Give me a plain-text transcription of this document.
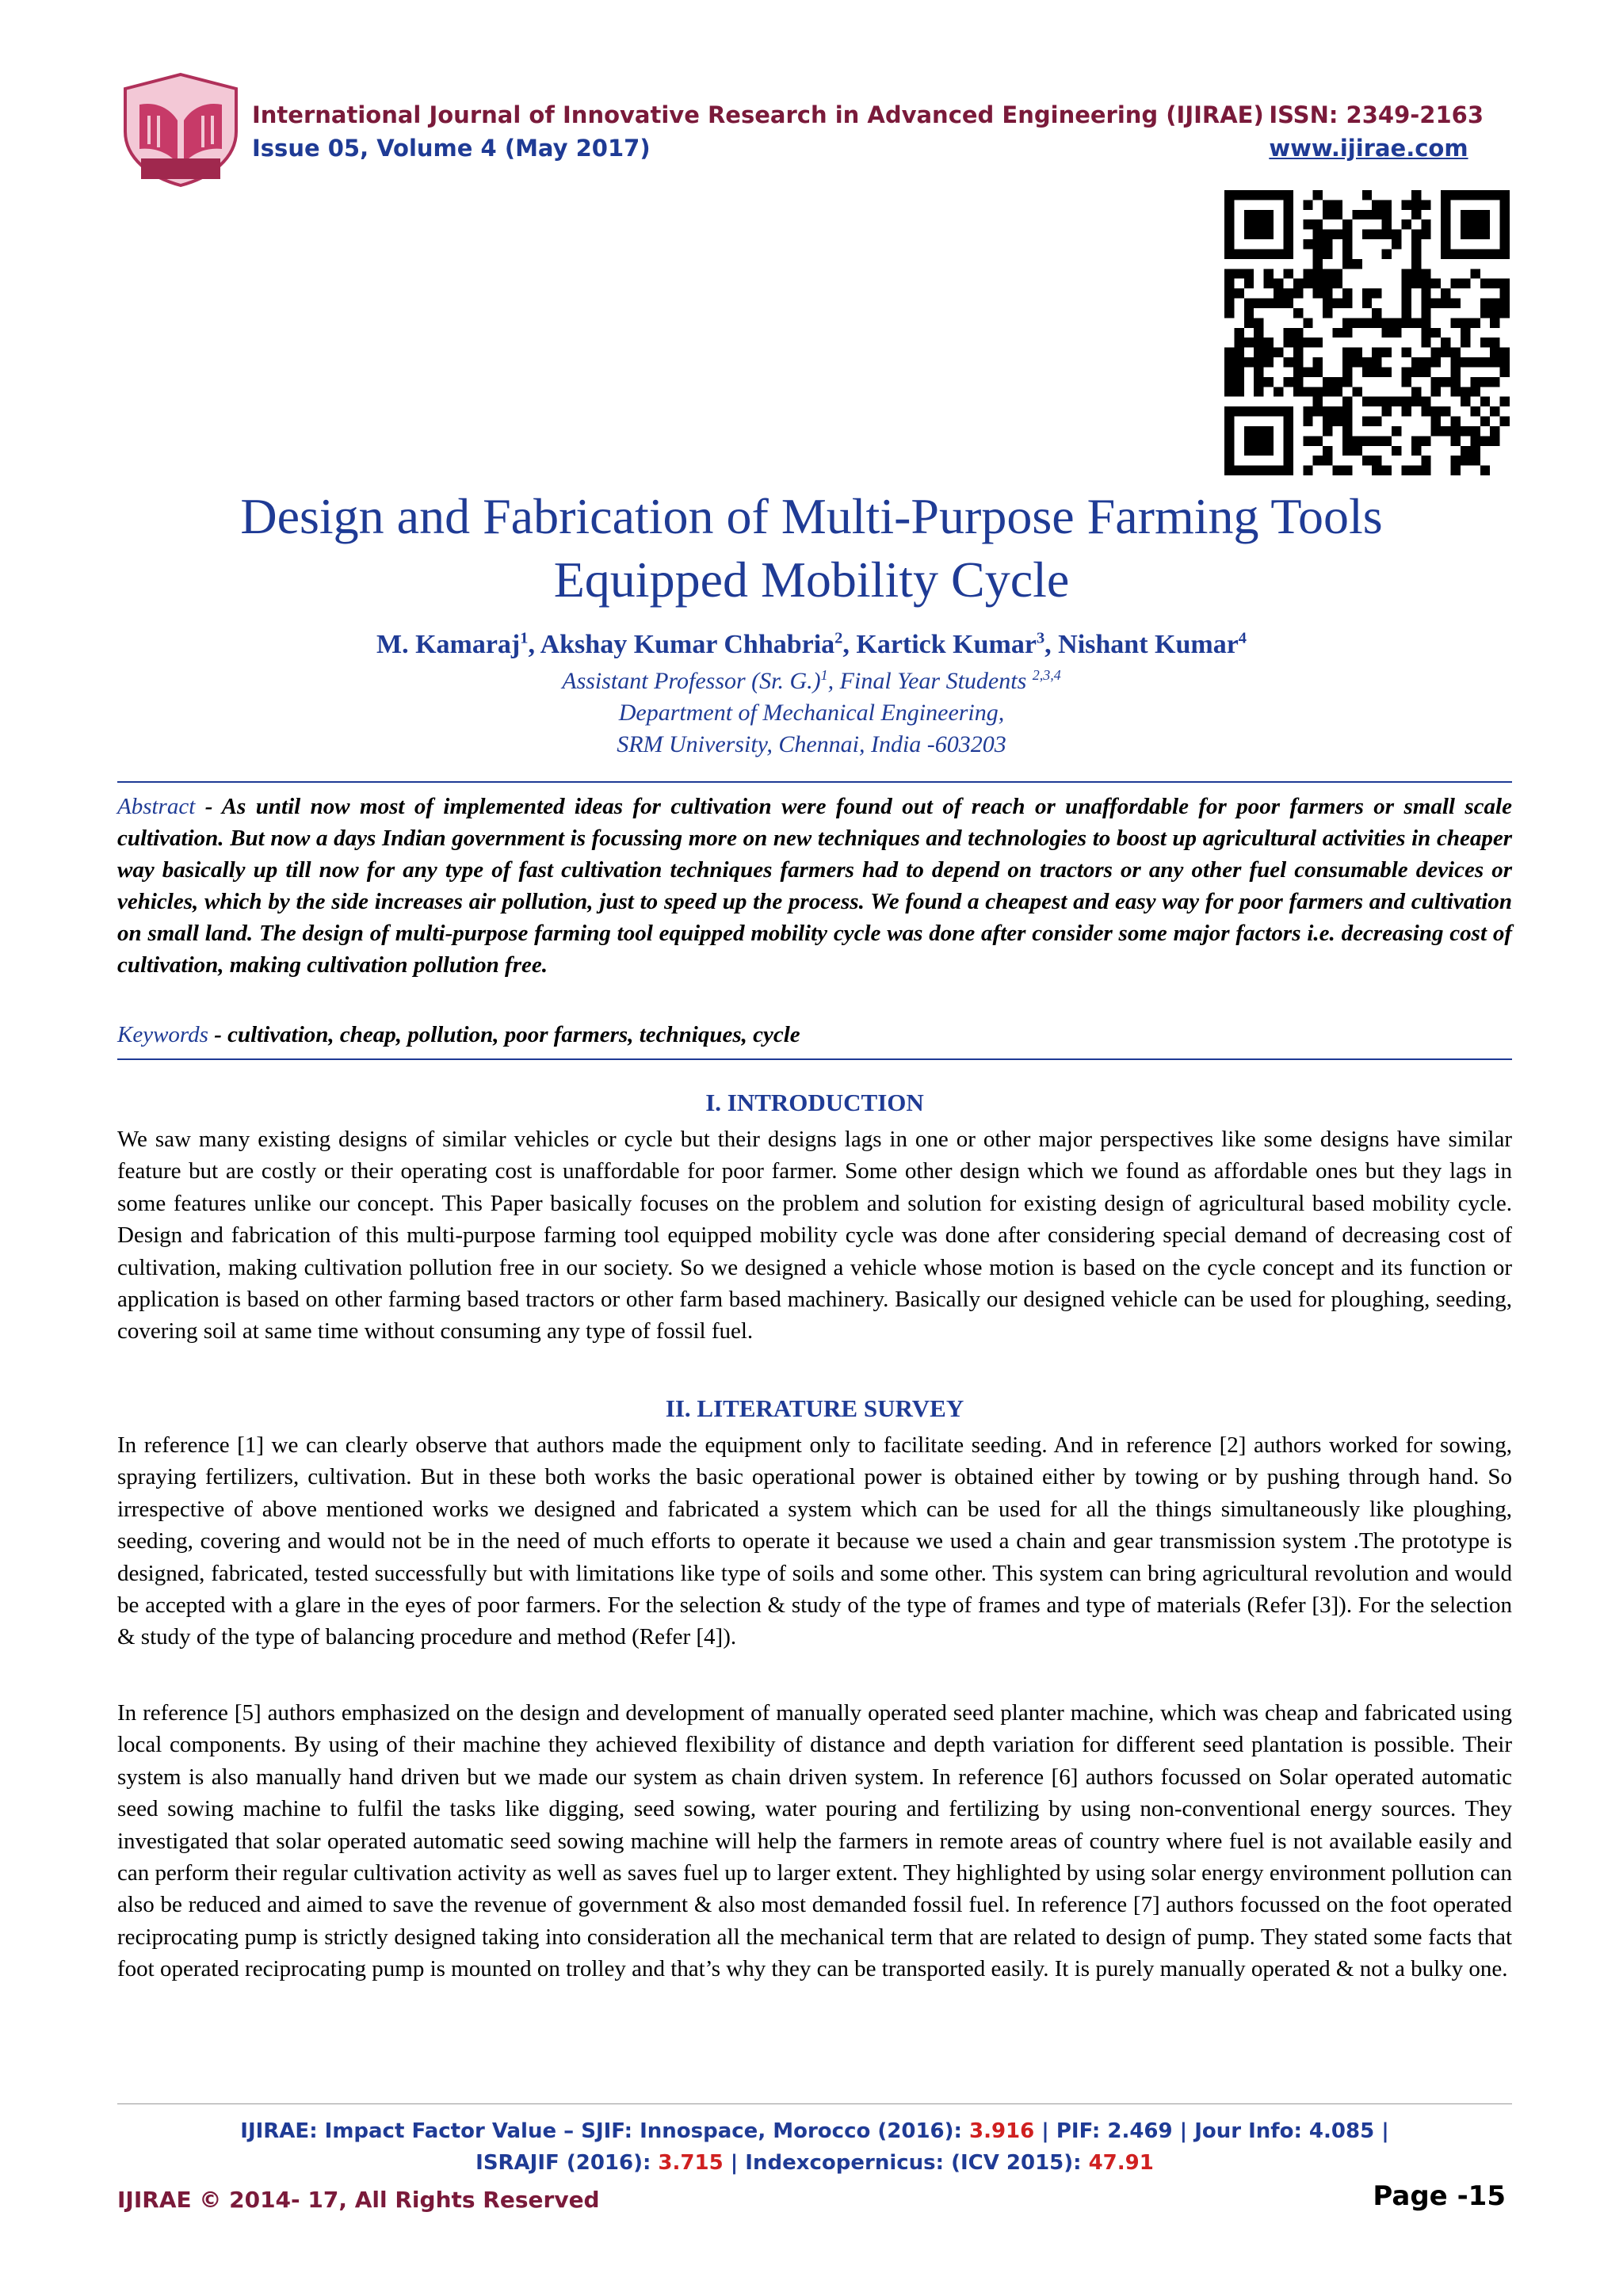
International Journal of Innovative Research in Advanced Engineering (IJIRAE)
Issue 05, Volume 4 (May 2017)
ISSN: 2349-2163
www.ijirae.com
Design and Fabrication of Multi-Purpose Farming Tools
Equipped Mobility Cycle
M. Kamaraj$^1$, Akshay Kumar Chhabria$^2$, Kartick Kumar$^3$, Nishant Kumar$^4$
Assistant Professor (Sr. G.)$^1$, Final Year Students $^{2,3,4}$
Department of Mechanical Engineering,
SRM University, Chennai, India -603203
Abstract - As until now most of implemented ideas for cultivation were found out of reach or unaffordable for poor farmers or small scale cultivation. But now a days Indian government is focussing more on new techniques and technologies to boost up agricultural activities in cheaper way basically up till now for any type of fast cultivation techniques farmers had to depend on tractors or any other fuel consumable devices or vehicles, which by the side increases air pollution, just to speed up the process. We found a cheapest and easy way for poor farmers and cultivation on small land. The design of multi-purpose farming tool equipped mobility cycle was done after consider some major factors i.e. decreasing cost of cultivation, making cultivation pollution free.
Keywords - cultivation, cheap, pollution, poor farmers, techniques, cycle
I. INTRODUCTION

We saw many existing designs of similar vehicles or cycle but their designs lags in one or other major perspectives like some designs have similar feature but are costly or their operating cost is unaffordable for poor farmer. Some other design which we found as affordable ones but they lags in some features unlike our concept. This Paper basically focuses on the problem and solution for existing design of agricultural based mobility cycle. Design and fabrication of this multi-purpose farming tool equipped mobility cycle was done after considering special demand of decreasing cost of cultivation, making cultivation pollution free in our society. So we designed a vehicle whose motion is based on the cycle concept and its function or application is based on other farming based tractors or other farm based machinery. Basically our designed vehicle can be used for ploughing, seeding, covering soil at same time without consuming any type of fossil fuel.

II. LITERATURE SURVEY

In reference [1] we can clearly observe that authors made the equipment only to facilitate seeding. And in reference [2] authors worked for sowing, spraying fertilizers, cultivation. But in these both works the basic operational power is obtained either by towing or by pushing through hand. So irrespective of above mentioned works we designed and fabricated a system which can be used for all the things simultaneously like ploughing, seeding, covering and would not be in the need of much efforts to operate it because we used a chain and gear transmission system .The prototype is designed, fabricated, tested successfully but with limitations like type of soils and some other. This system can bring agricultural revolution and would be accepted with a glare in the eyes of poor farmers. For the selection & study of the type of frames and type of materials (Refer [3]). For the selection & study of the type of balancing procedure and method (Refer [4]).

In reference [5] authors emphasized on the design and development of manually operated seed planter machine, which was cheap and fabricated using local components. By using of their machine they achieved flexibility of distance and depth variation for different seed plantation is possible. Their system is also manually hand driven but we made our system as chain driven system. In reference [6] authors focussed on Solar operated automatic seed sowing machine to fulfil the tasks like digging, seed sowing, water pouring and fertilizing by using non-conventional energy sources. They investigated that solar operated automatic seed sowing machine will help the farmers in remote areas of country where fuel is not available easily and can perform their regular cultivation activity as well as saves fuel up to larger extent. They highlighted by using solar energy environment pollution can also be reduced and aimed to save the revenue of government & also most demanded fossil fuel. In reference [7] authors focussed on the foot operated reciprocating pump is strictly designed taking into consideration all the mechanical term that are related to design of pump. They stated some facts that foot operated reciprocating pump is mounted on trolley and that’s why they can be transported easily. It is purely manually operated & not a bulky one.

IJIRAE: Impact Factor Value – SJIF: Innospace, Morocco (2016): 3.916 | PIF: 2.469 | Jour Info: 4.085 |
ISRAJIF (2016): 3.715 | Indexcopernicus: (ICV 2015): 47.91
IJIRAE © 2014- 17, All Rights Reserved	Page -15
